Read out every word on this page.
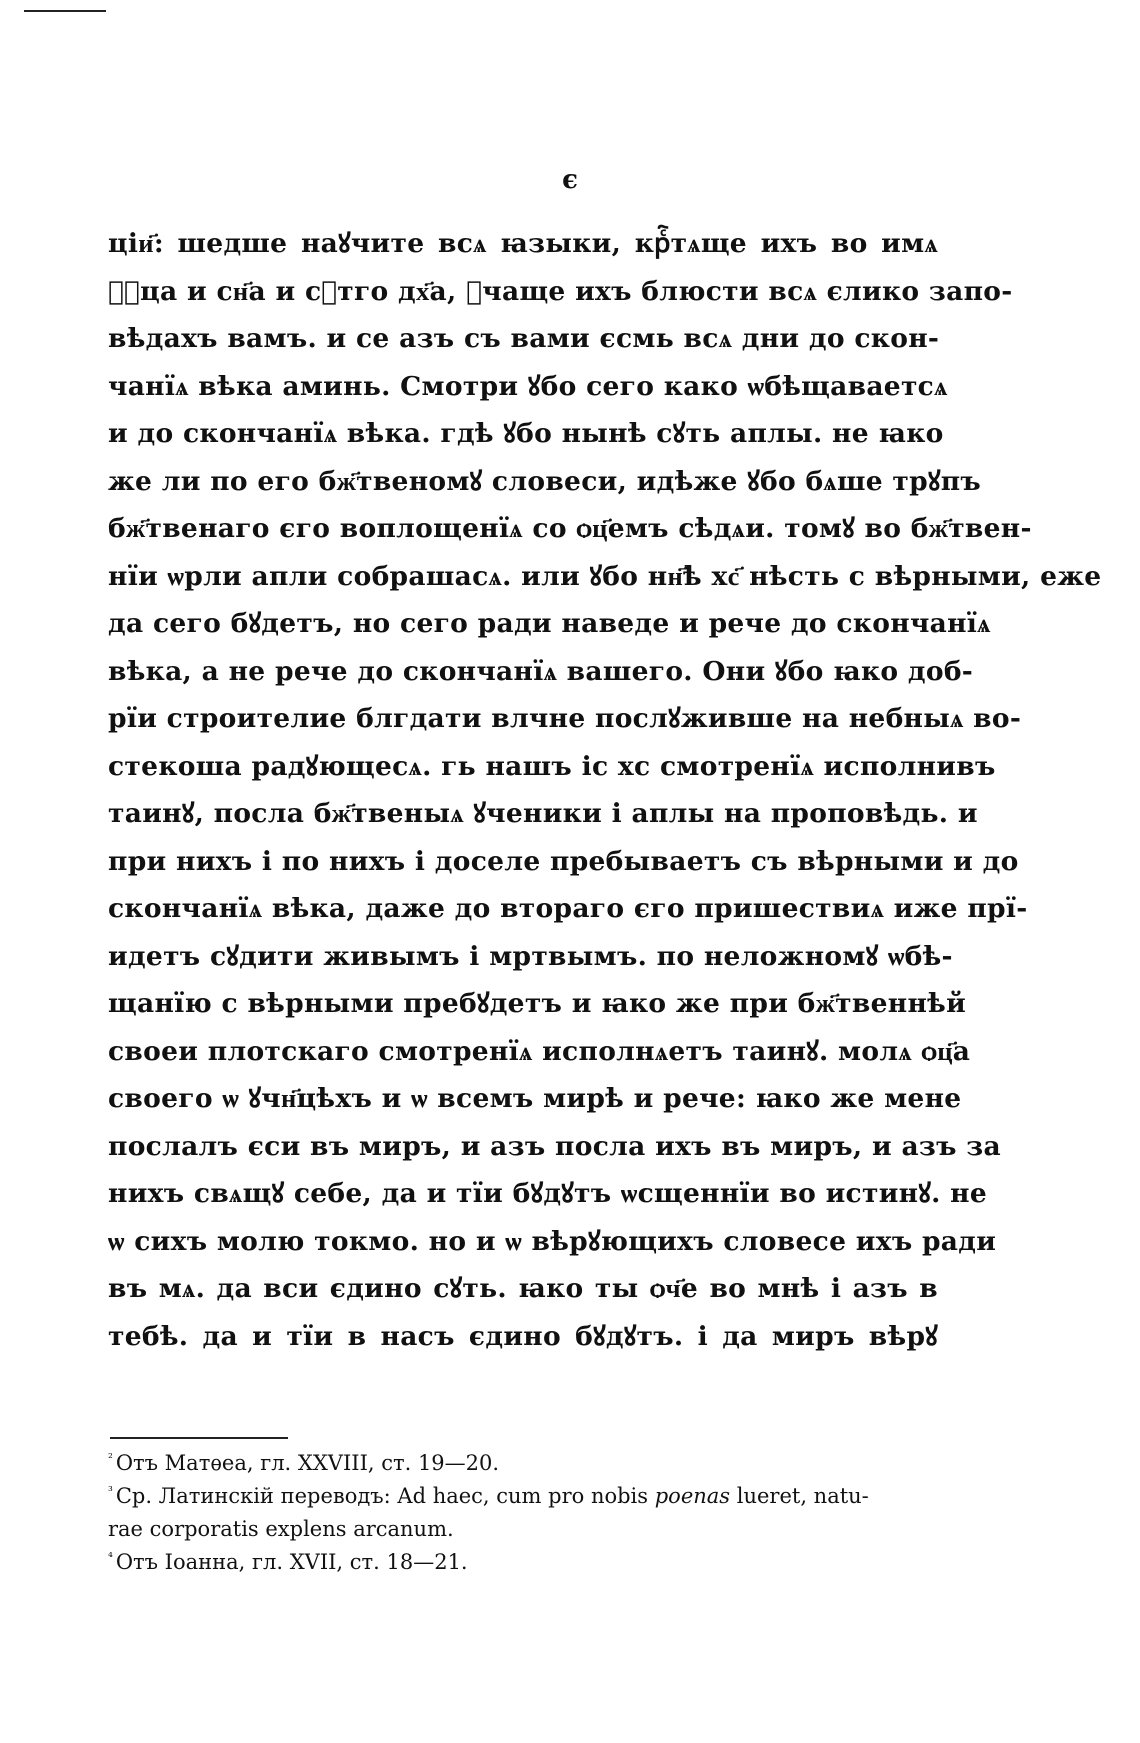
є
ціи҃: шедше наꙋчите всѧ ꙗзыки, крⷭ҇тѧще ихъ во имѧ
ѻⷮца и сн҃а и сⷮтго дх҃а, ꙋчаще ихъ блюсти всѧ єлико запо-
вѣдахъ вамъ. и се азъ съ вами єсмь всѧ дни до скон-
чанїѧ вѣка аминь. Смотри ꙋбо сего како ѡбѣщаваетсѧ
и до скончанїѧ вѣка. гдѣ ꙋбо нынѣ сꙋть аплы. не ꙗко
же ли по его бж҃твеномꙋ словеси, идѣже ꙋбо бѧше трꙋпъ
бж҃твенаго єго воплощенїѧ со ѻц҃емъ сѣдѧи. томꙋ во бж҃твен-
нїи ѡрли апли собрашасѧ. или ꙋбо нн҃ѣ хс҃ нѣсть с вѣрными, еже
да сего бꙋдетъ, но сего ради наведе и рече до скончанїѧ
вѣка, а не рече до скончанїѧ вашего. Они ꙋбо ꙗко доб-
рїи строителие блгдати влчне послꙋжившe на небныѧ во-
стекоша радꙋющесѧ. гь нашъ іс хс смотренїѧ исполнивъ
таинꙋ, посла бж҃твеныѧ ꙋченики і аплы на проповѣдь. и
при нихъ і по нихъ і доселе пребываетъ съ вѣрными и до
скончанїѧ вѣка, даже до втораго єго пришествиѧ иже прї-
идетъ сꙋдити живымъ і мртвымъ. по неложномꙋ ѡбѣ-
щанїю с вѣрными пребꙋдетъ и ꙗко же при бж҃твеннѣй
своеи плотскаго смотренїѧ исполнѧетъ таинꙋ. молѧ ѻц҃а
своего ѡ ꙋчн҃цѣхъ и ѡ всемъ мирѣ и рече: ꙗко же мене
послалъ єси въ миръ, и азъ посла ихъ въ миръ, и азъ за
нихъ свѧщꙋ себе, да и тїи бꙋдꙋтъ ѡсщеннїи во истинꙋ. не
ѡ сихъ молю токмо. но и ѡ вѣрꙋющихъ словесе ихъ ради
въ мѧ. да вси єдино сꙋть. ꙗко ты ѻч҃е во мнѣ і азъ в
тебѣ. да и тїи в насъ єдино бꙋдꙋтъ. і да миръ вѣрꙋ
$^{^2}$ Отъ Матѳеа, гл. XXVIII, ст. 19—20.
$^{^3}$ Ср. Латинскій переводъ: Ad haec, cum pro nobis poenas lueret, natu-
rae corporatis explens arcanum.
$^{^4}$ Отъ Іоанна, гл. XVII, ст. 18—21.
